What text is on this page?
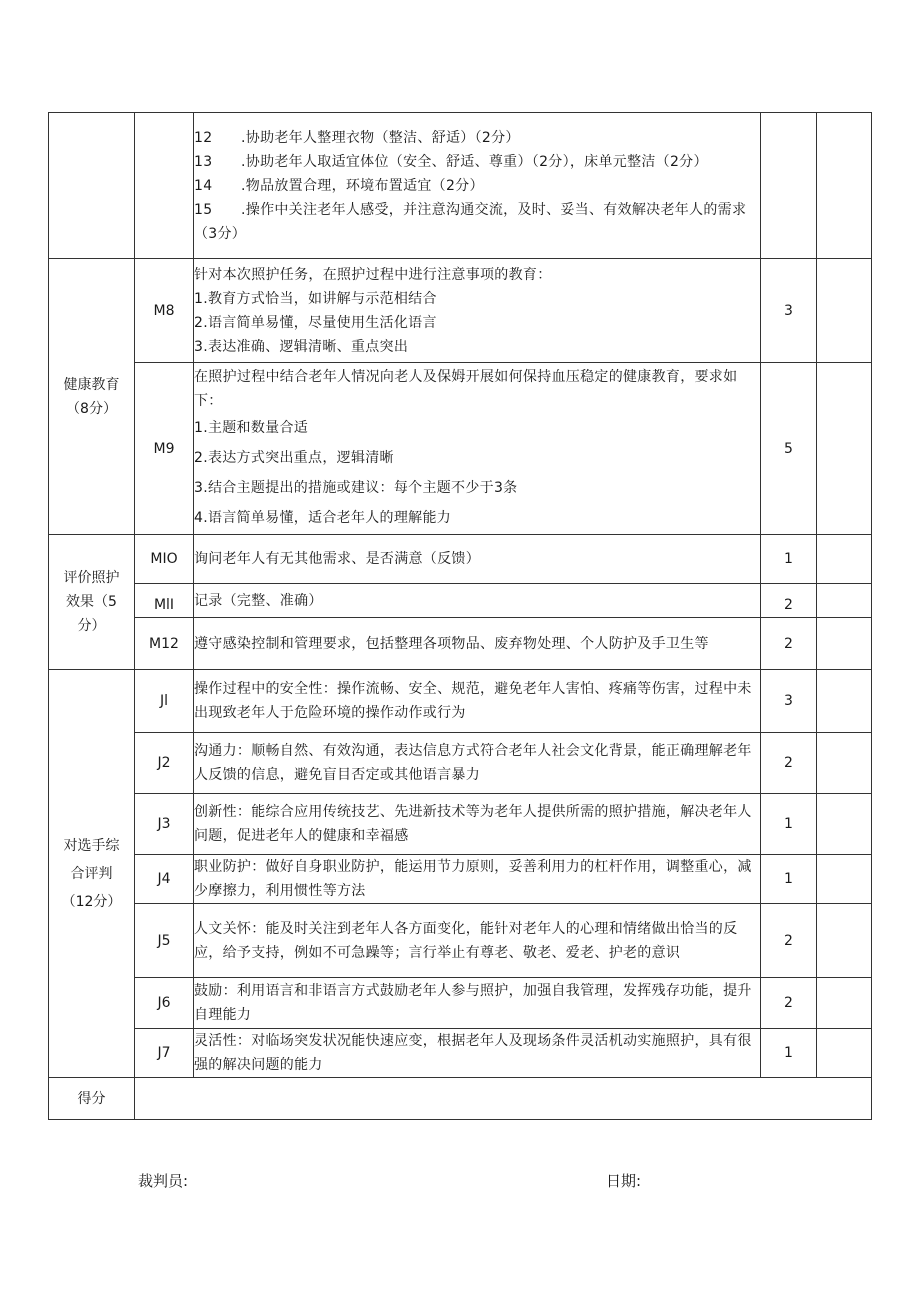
		12　　.协助老年人整理衣物（整洁、舒适）（2分）
13　　.协助老年人取适宜体位（安全、舒适、尊重）（2分），床单元整洁（2分）
14　　.物品放置合理，环境布置适宜（2分）
15　　.操作中关注老年人感受，并注意沟通交流，及时、妥当、有效解决老年人的需求（3分）		

健康教育
（8分）	M8	针对本次照护任务，在照护过程中进行注意事项的教育：
1.教育方式恰当，如讲解与示范相结合
2.语言简单易懂，尽量使用生活化语言
3.表达准确、逻辑清晰、重点突出	3	
	M9	在照护过程中结合老年人情况向老人及保姆开展如何保持血压稳定的健康教育，要求如下：
1.主题和数量合适
2.表达方式突出重点，逻辑清晰
3.结合主题提出的措施或建议：每个主题不少于3条
4.语言简单易懂，适合老年人的理解能力	5	

评价照护
效果（5
分）	MIO	询问老年人有无其他需求、是否满意（反馈）	1	
	MlI	记录（完整、准确）	2	
	M12	遵守感染控制和管理要求，包括整理各项物品、废弃物处理、个人防护及手卫生等	2	

对选手综
合评判
（12分）	Jl	操作过程中的安全性：操作流畅、安全、规范，避免老年人害怕、疼痛等伤害，过程中未出现致老年人于危险环境的操作动作或行为	3	
	J2	沟通力：顺畅自然、有效沟通，表达信息方式符合老年人社会文化背景，能正确理解老年人反馈的信息，避免盲目否定或其他语言暴力	2	
	J3	创新性：能综合应用传统技艺、先进新技术等为老年人提供所需的照护措施，解决老年人问题，促进老年人的健康和幸福感	1	
	J4	职业防护：做好自身职业防护，能运用节力原则，妥善利用力的杠杆作用，调整重心，减少摩擦力，利用惯性等方法	1	
	J5	人文关怀：能及时关注到老年人各方面变化，能针对老年人的心理和情绪做出恰当的反应，给予支持，例如不可急躁等；言行举止有尊老、敬老、爱老、护老的意识	2	
	J6	鼓励：利用语言和非语言方式鼓励老年人参与照护，加强自我管理，发挥残存功能，提升自理能力	2	
	J7	灵活性：对临场突发状况能快速应变，根据老年人及现场条件灵活机动实施照护，具有很强的解决问题的能力	1	
得分				
裁判员:	日期:
